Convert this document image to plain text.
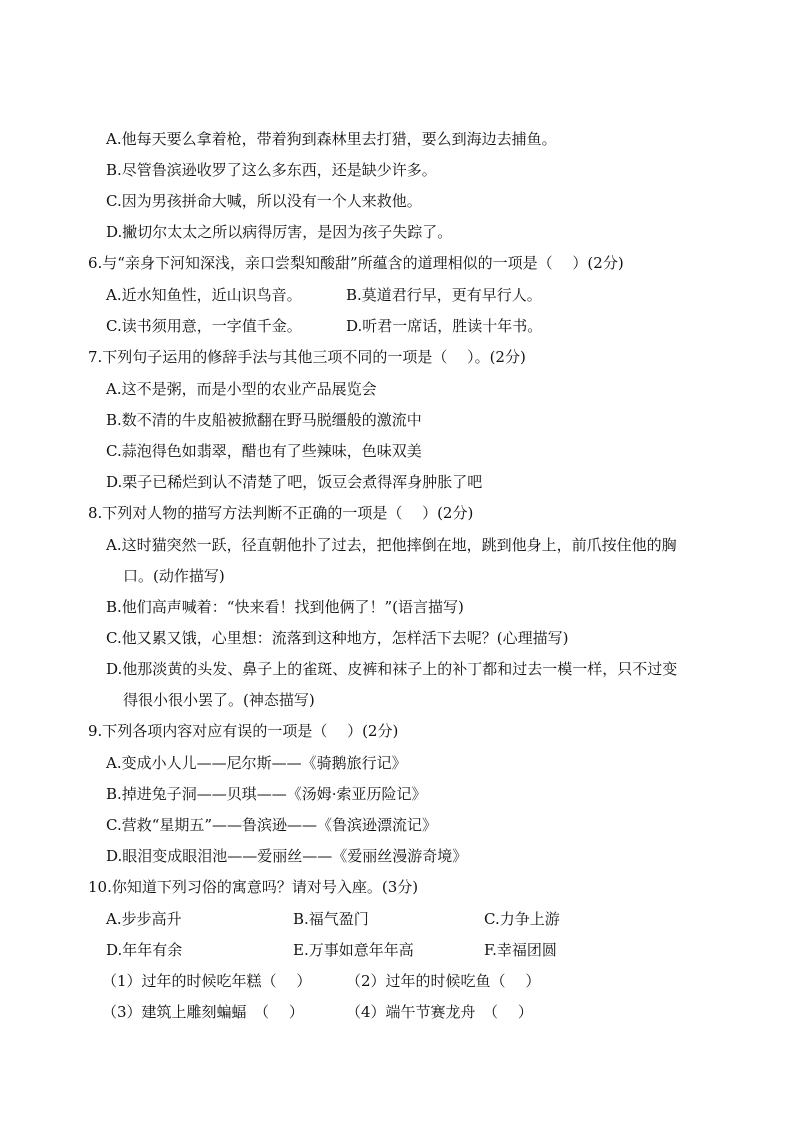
A.他每天要么拿着枪，带着狗到森林里去打猎，要么到海边去捕鱼。
B.尽管鲁滨逊收罗了这么多东西，还是缺少许多。
C.因为男孩拼命大喊，所以没有一个人来救他。
D.撇切尔太太之所以病得厉害，是因为孩子失踪了。
6.与“亲身下河知深浅，亲口尝梨知酸甜”所蕴含的道理相似的一项是（　 ）(2分)
A.近水知鱼性，近山识鸟音。	B.莫道君行早，更有早行人。
C.读书须用意，一字值千金。	D.听君一席话，胜读十年书。
7.下列句子运用的修辞手法与其他三项不同的一项是（　 ）。(2分)
A.这不是粥，而是小型的农业产品展览会
B.数不清的牛皮船被掀翻在野马脱缰般的激流中
C.蒜泡得色如翡翠，醋也有了些辣味，色味双美
D.栗子已稀烂到认不清楚了吧，饭豆会煮得浑身肿胀了吧
8.下列对人物的描写方法判断不正确的一项是（　 ）(2分)
A.这时猫突然一跃，径直朝他扑了过去，把他摔倒在地，跳到他身上，前爪按住他的胸
口。(动作描写)
B.他们高声喊着：“快来看！找到他俩了！”(语言描写)
C.他又累又饿，心里想：流落到这种地方，怎样活下去呢？(心理描写)
D.他那淡黄的头发、鼻子上的雀斑、皮裤和袜子上的补丁都和过去一模一样，只不过变
得很小很小罢了。(神态描写)
9.下列各项内容对应有误的一项是（　 ）(2分)
A.变成小人儿——尼尔斯——《骑鹅旅行记》
B.掉进兔子洞——贝琪——《汤姆·索亚历险记》
C.营救“星期五”——鲁滨逊——《鲁滨逊漂流记》
D.眼泪变成眼泪池——爱丽丝——《爱丽丝漫游奇境》
10.你知道下列习俗的寓意吗？请对号入座。(3分)
A.步步高升	B.福气盈门	C.力争上游
D.年年有余	E.万事如意年年高	F.幸福团圆
（1）过年的时候吃年糕（　 ） （2）过年的时候吃鱼（　 ）
（3）建筑上雕刻蝙蝠　（　 ）	（4）端午节赛龙舟　（　 ）
